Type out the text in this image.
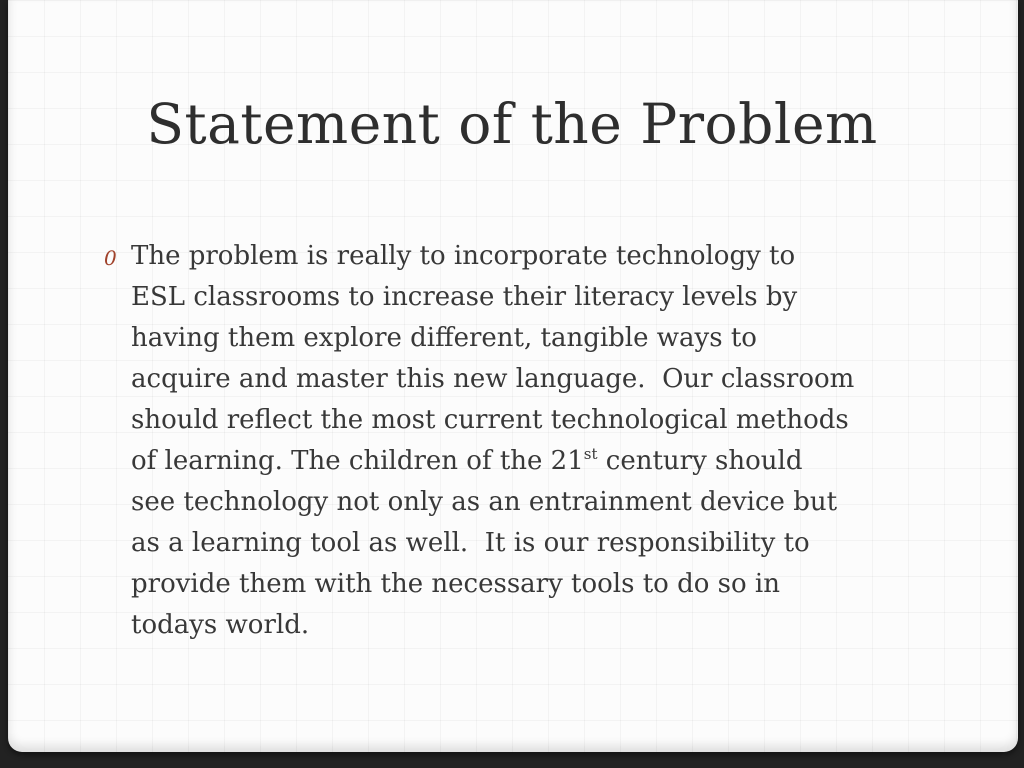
Statement of the Problem
0 The problem is really to incorporate technology to
ESL classrooms to increase their literacy levels by
having them explore different, tangible ways to
acquire and master this new language.  Our classroom
should reflect the most current technological methods
of learning. The children of the 21st century should
see technology not only as an entrainment device but
as a learning tool as well.  It is our responsibility to
provide them with the necessary tools to do so in
todays world.
